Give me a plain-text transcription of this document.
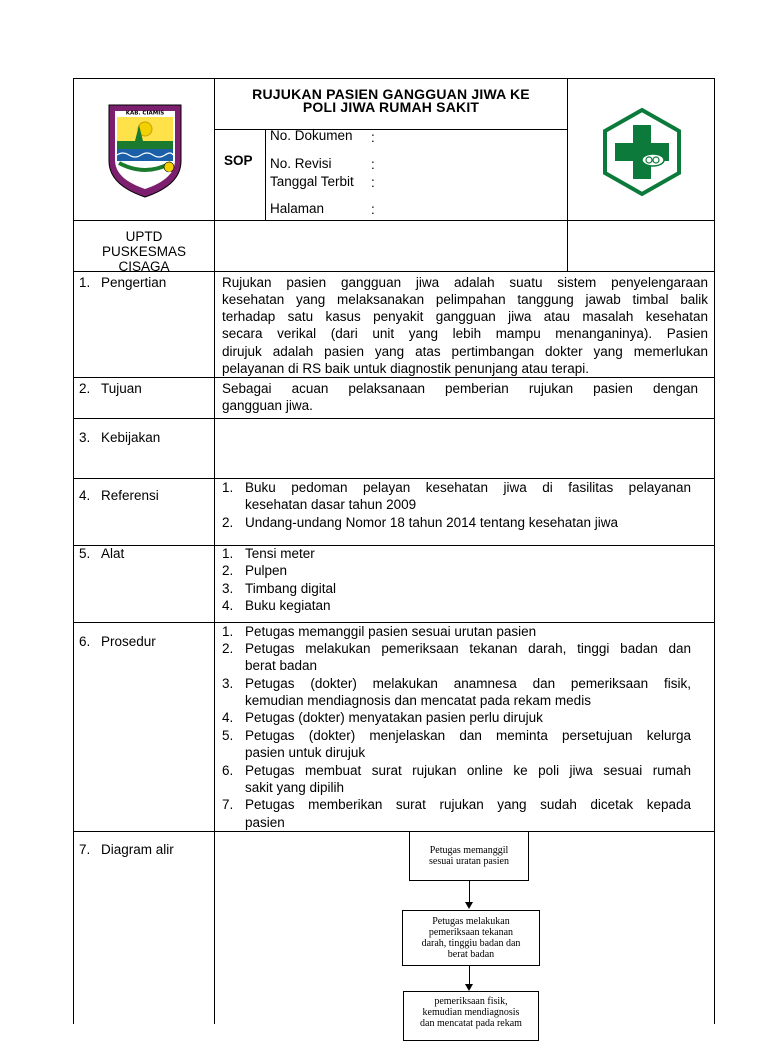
KAB. CIAMIS
hayunan Ayuna Kalawas
RUJUKAN PASIEN GANGGUAN JIWA KE
POLI JIWA RUMAH SAKIT
SOP
No. Dokumen :
No. Revisi	:
Tanggal Terbit :
Halaman	:
UPTD
PUSKESMAS
CISAGA
1. Pengertian	Rujukan pasien gangguan jiwa adalah suatu sistem penyelengaraan
kesehatan yang melaksanakan pelimpahan tanggung jawab timbal balik
terhadap satu kasus penyakit gangguan jiwa atau masalah kesehatan
secara verikal (dari unit yang lebih mampu menanganinya). Pasien
dirujuk adalah pasien yang atas pertimbangan dokter yang memerlukan
pelayanan di RS baik untuk diagnostik penunjang atau terapi.
2. Tujuan	Sebagai acuan pelaksanaan pemberian rujukan pasien dengan
gangguan jiwa.
3. Kebijakan
4. Referensi
1. Buku pedoman pelayan kesehatan jiwa di fasilitas pelayanan
kesehatan dasar tahun 2009
2. Undang-undang Nomor 18 tahun 2014 tentang kesehatan jiwa
5. Alat	1. Tensi meter
2. Pulpen
3. Timbang digital
4. Buku kegiatan
6. Prosedur
1. Petugas memanggil pasien sesuai urutan pasien
2. Petugas melakukan pemeriksaan tekanan darah, tinggi badan dan
berat badan
3. Petugas (dokter) melakukan anamnesa dan pemeriksaan fisik,
kemudian mendiagnosis dan mencatat pada rekam medis
4. Petugas (dokter) menyatakan pasien perlu dirujuk
5. Petugas (dokter) menjelaskan dan meminta persetujuan kelurga
pasien untuk dirujuk
6. Petugas membuat surat rujukan online ke poli jiwa sesuai rumah
sakit yang dipilih
7. Petugas memberikan surat rujukan yang sudah dicetak kepada
pasien
7. Diagram alir	Petugas memanggil
sesuai uratan pasien
Petugas melakukan
pemeriksaan tekanan
darah, tinggiu badan dan
berat badan
pemeriksaan fisik,
kemudian mendiagnosis
dan mencatat pada rekam
